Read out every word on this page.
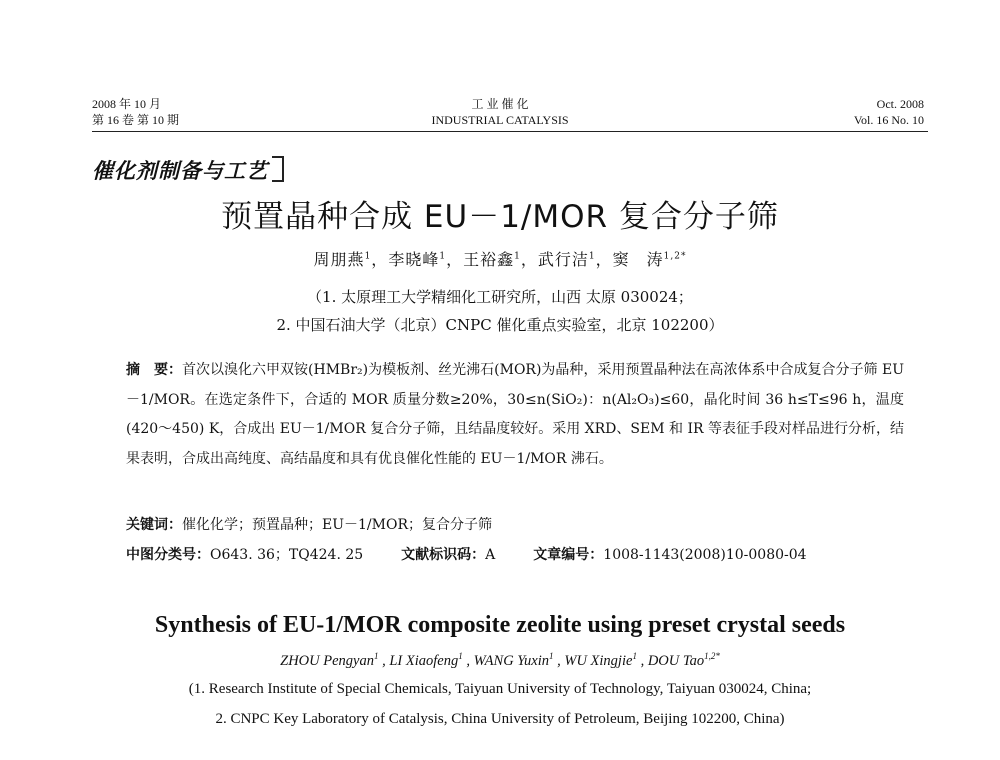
2008 年 10 月
第 16 卷 第 10 期
工 业 催 化
INDUSTRIAL CATALYSIS
Oct. 2008
Vol. 16 No. 10
催化剂制备与工艺
预置晶种合成 EU－1/MOR 复合分子筛
周朋燕$^1$，李晓峰$^1$，王裕鑫$^1$，武行洁$^1$，窦　涛$^{1,2*}$
（1. 太原理工大学精细化工研究所，山西 太原 030024；
2. 中国石油大学（北京）CNPC 催化重点实验室，北京 102200）
摘　要：首次以溴化六甲双铵(HMBr₂)为模板剂、丝光沸石(MOR)为晶种，采用预置晶种法在高浓体系中合成复合分子筛 EU－1/MOR。在选定条件下，合适的 MOR 质量分数≥20%，30≤n(SiO₂)：n(Al₂O₃)≤60，晶化时间 36 h≤T≤96 h，温度(420～450) K，合成出 EU－1/MOR 复合分子筛，且结晶度较好。采用 XRD、SEM 和 IR 等表征手段对样品进行分析，结果表明，合成出高纯度、高结晶度和具有优良催化性能的 EU－1/MOR 沸石。
关键词：催化化学；预置晶种；EU－1/MOR；复合分子筛
中图分类号：O643. 36；TQ424. 25	文献标识码：A	文章编号：1008-1143(2008)10-0080-04
Synthesis of EU-1/MOR composite zeolite using preset crystal seeds
ZHOU Pengyan$^1$ , LI Xiaofeng$^1$ , WANG Yuxin$^1$ , WU Xingjie$^1$ , DOU Tao$^{1,2*}$
(1. Research Institute of Special Chemicals, Taiyuan University of Technology, Taiyuan 030024, China;
2. CNPC Key Laboratory of Catalysis, China University of Petroleum, Beijing 102200, China)
